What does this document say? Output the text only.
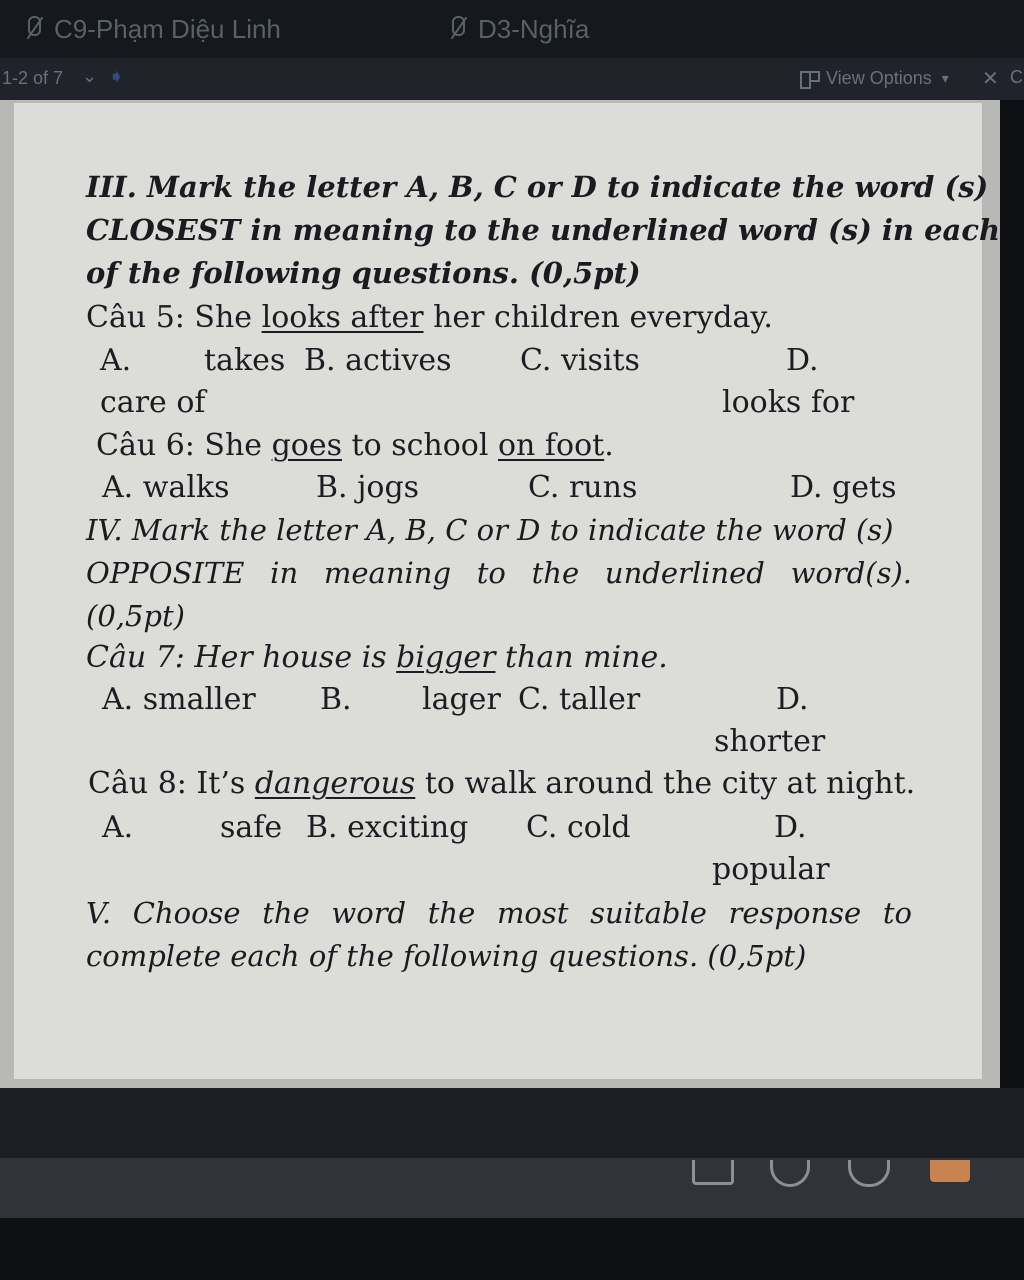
C9-Phạm Diệu Linh	D3-Nghĩa
1-2 of 7 ⌄ ➧	View Options ▾ ✕ C
III. Mark the letter A, B, C or D to indicate the word (s)
CLOSEST in meaning to the underlined word (s) in each
of the following questions. (0,5pt)
Câu 5: She looks after her children everyday.
A. takes B. actives C. visits	D.
care of	looks for
Câu 6: She goes to school on foot.
A. walks	B. jogs	C. runs	D. gets
IV. Mark the letter A, B, C or D to indicate the word (s)
OPPOSITE in meaning to the underlined word(s).
(0,5pt)
Câu 7: Her house is bigger than mine.
A. smaller B. lager C. taller	D.
shorter
Câu 8: It’s dangerous to walk around the city at night.
A.	safe B. exciting C. cold	D.
popular
V. Choose the word the most suitable response to
complete each of the following questions. (0,5pt)
